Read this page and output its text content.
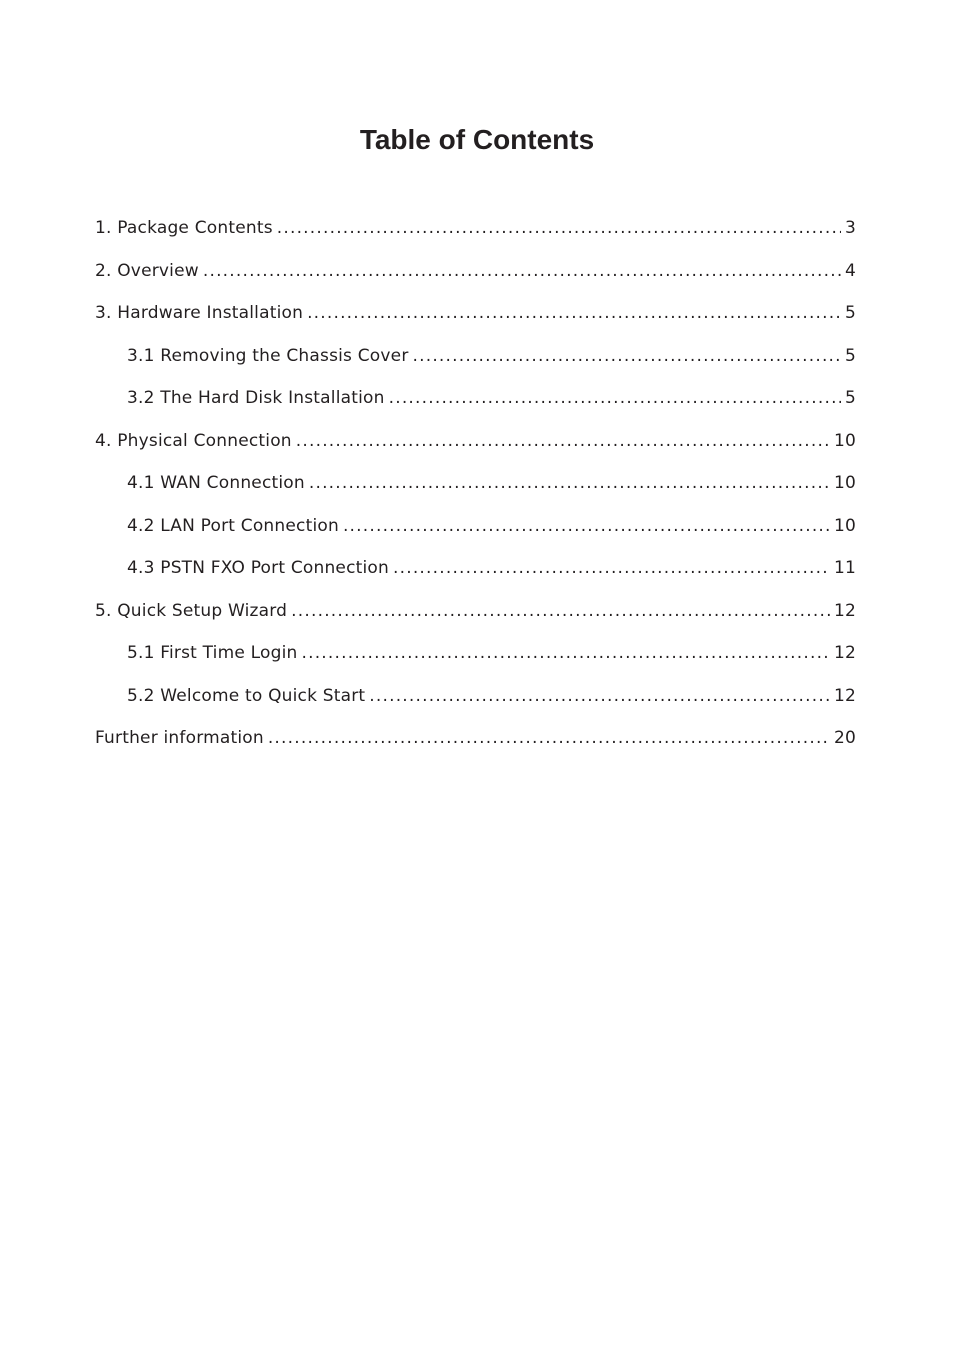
Table of Contents
1. Package Contents .....	3
2. Overview .....	4
3. Hardware Installation .....	5
3.1 Removing the Chassis Cover .....	5
3.2 The Hard Disk Installation .....	5
4. Physical Connection .....	10
4.1 WAN Connection .....	10
4.2 LAN Port Connection .....	10
4.3 PSTN FXO Port Connection .....	11
5. Quick Setup Wizard .....	12
5.1 First Time Login .....	12
5.2 Welcome to Quick Start .....	12
Further information .....	20
